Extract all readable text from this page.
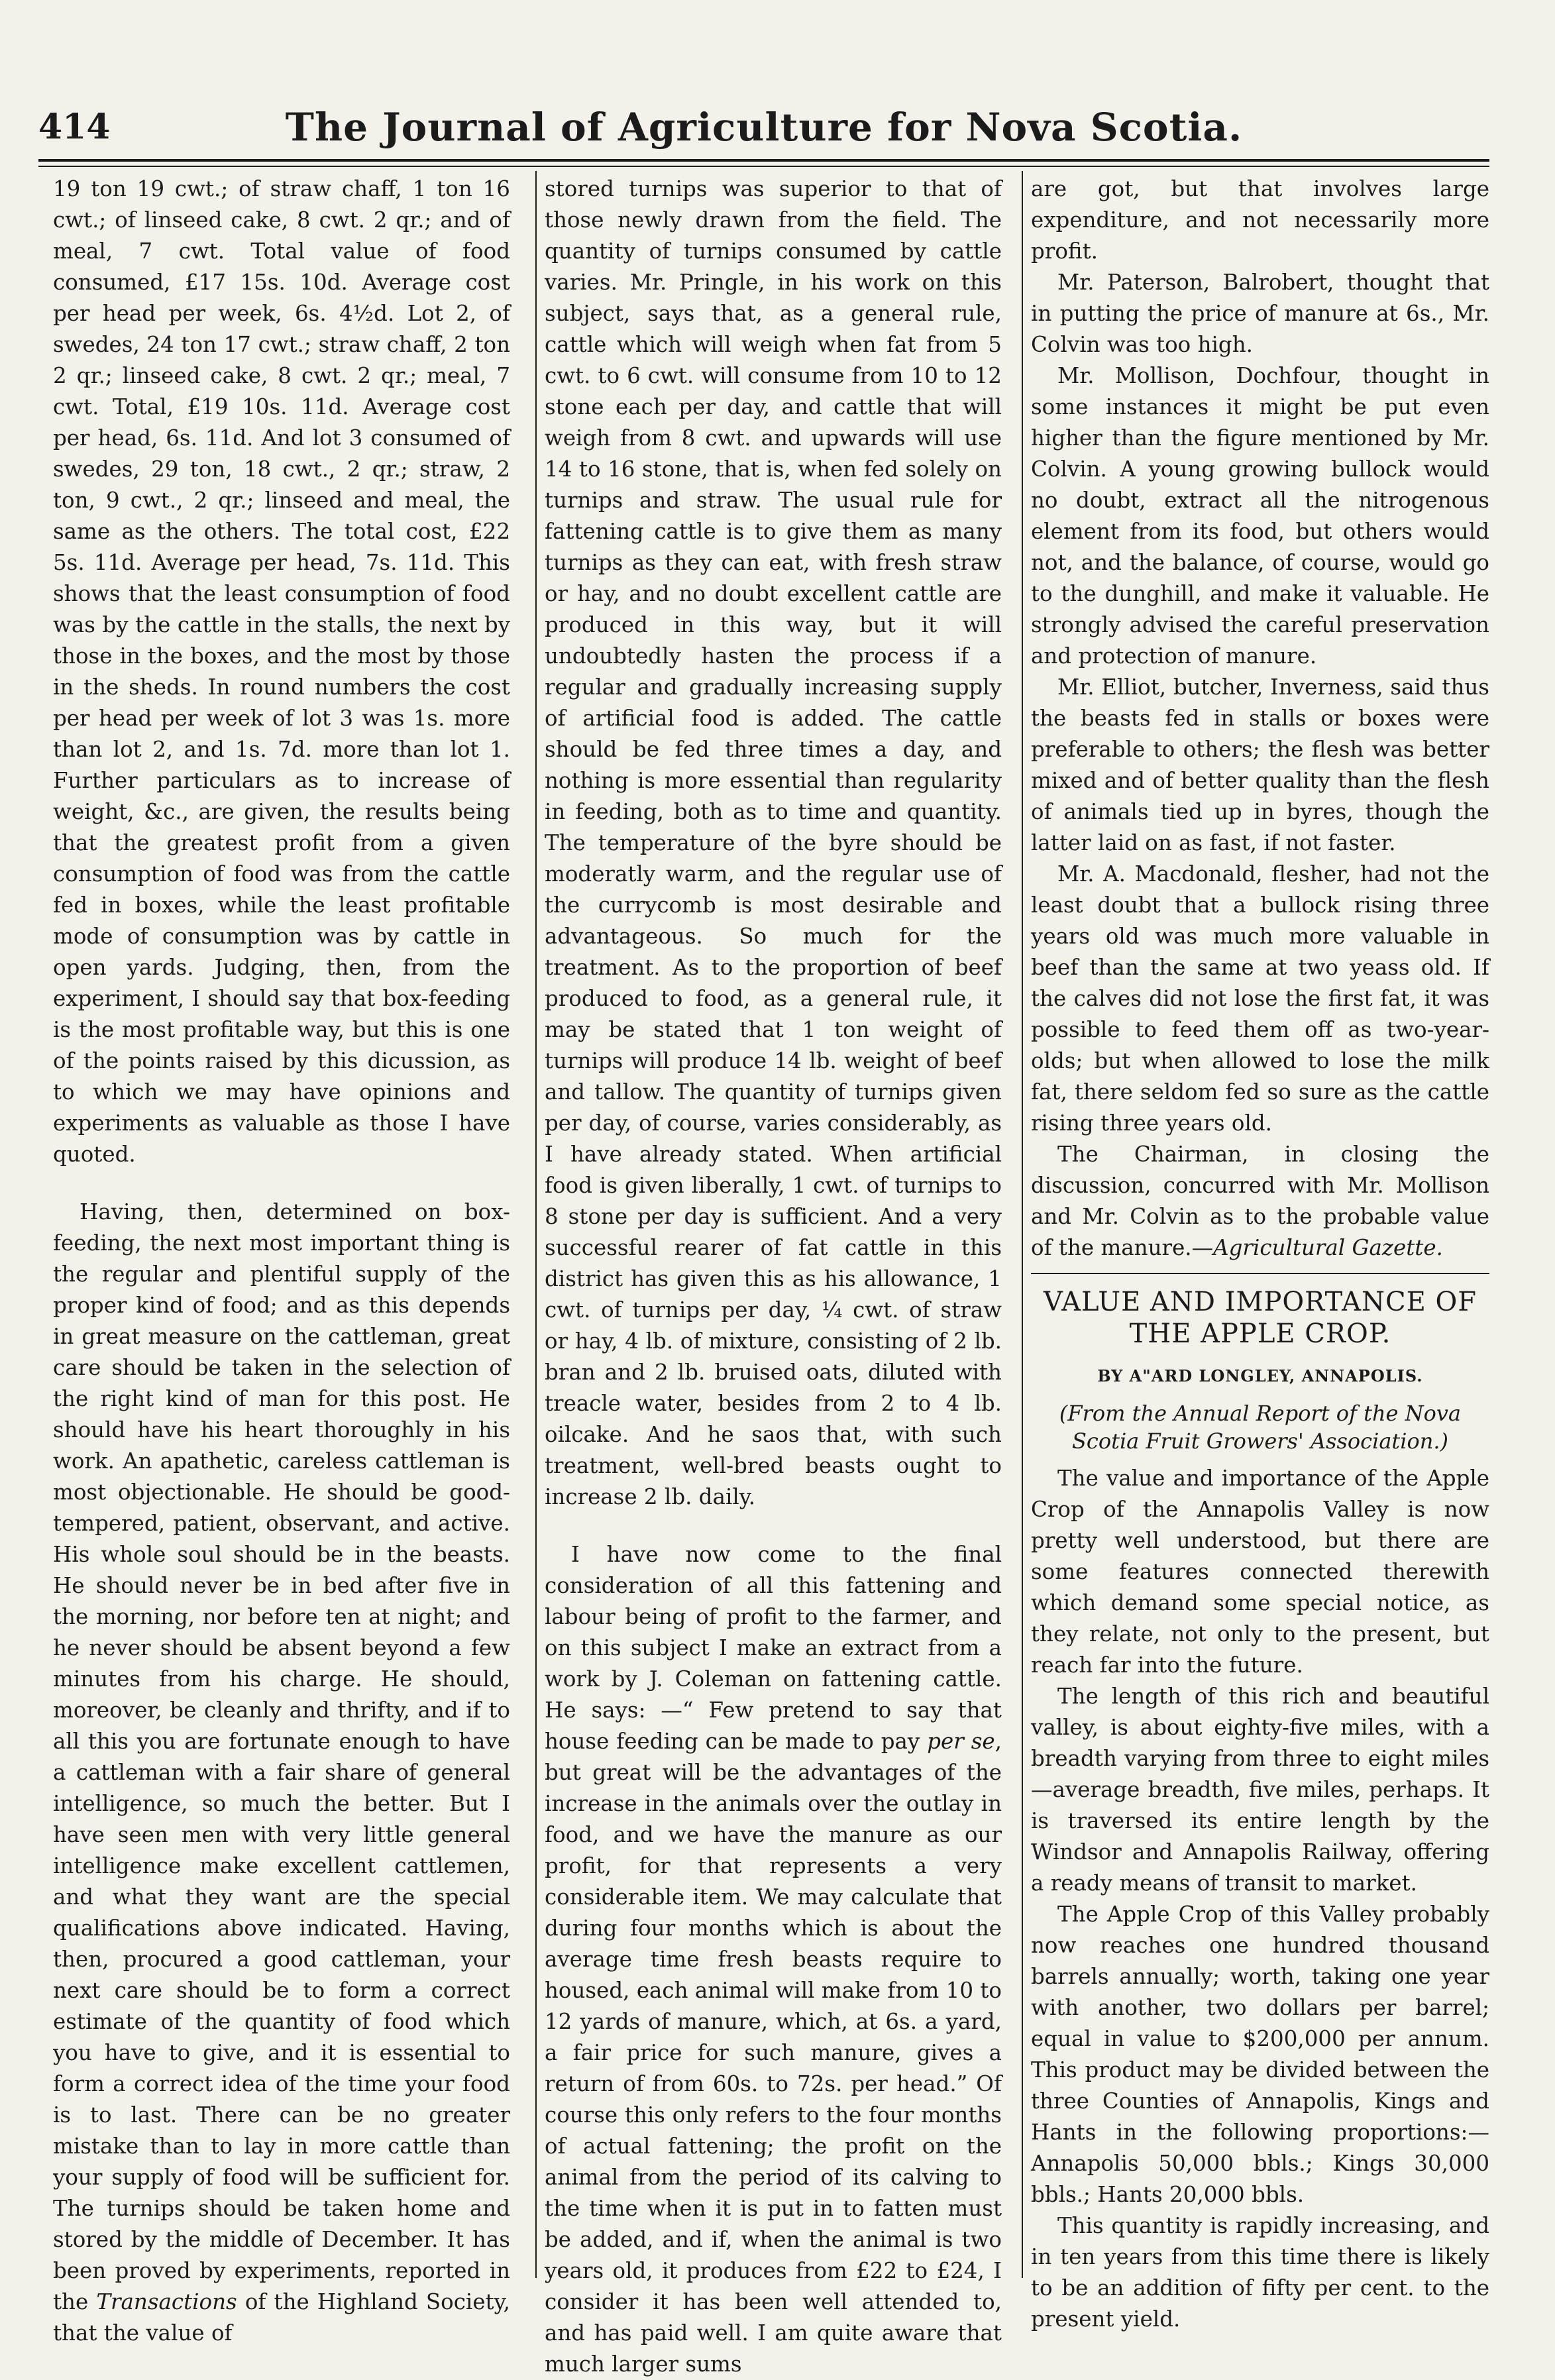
414	The Journal of Agriculture for Nova Scotia.

19 ton 19 cwt.; of straw chaff, 1 ton 16 cwt.; of linseed cake, 8 cwt. 2 qr.; and of meal, 7 cwt. Total value of food consumed, £17 15s. 10d. Average cost per head per week, 6s. 4½d. Lot 2, of swedes, 24 ton 17 cwt.; straw chaff, 2 ton 2 qr.; linseed cake, 8 cwt. 2 qr.; meal, 7 cwt. Total, £19 10s. 11d. Average cost per head, 6s. 11d. And lot 3 consumed of swedes, 29 ton, 18 cwt., 2 qr.; straw, 2 ton, 9 cwt., 2 qr.; linseed and meal, the same as the others. The total cost, £22 5s. 11d. Average per head, 7s. 11d. This shows that the least consumption of food was by the cattle in the stalls, the next by those in the boxes, and the most by those in the sheds. In round numbers the cost per head per week of lot 3 was 1s. more than lot 2, and 1s. 7d. more than lot 1. Further particulars as to increase of weight, &c., are given, the results being that the greatest profit from a given consumption of food was from the cattle fed in boxes, while the least profitable mode of consumption was by cattle in open yards. Judging, then, from the experiment, I should say that box-feeding is the most profitable way, but this is one of the points raised by this dicussion, as to which we may have opinions and experiments as valuable as those I have quoted.

Having, then, determined on box-feeding, the next most important thing is the regular and plentiful supply of the proper kind of food; and as this depends in great measure on the cattleman, great care should be taken in the selection of the right kind of man for this post. He should have his heart thoroughly in his work. An apathetic, careless cattleman is most objectionable. He should be good-tempered, patient, observant, and active. His whole soul should be in the beasts. He should never be in bed after five in the morning, nor before ten at night; and he never should be absent beyond a few minutes from his charge. He should, moreover, be cleanly and thrifty, and if to all this you are fortunate enough to have a cattleman with a fair share of general intelligence, so much the better. But I have seen men with very little general intelligence make excellent cattlemen, and what they want are the special qualifications above indicated. Having, then, procured a good cattleman, your next care should be to form a correct estimate of the quantity of food which you have to give, and it is essential to form a correct idea of the time your food is to last. There can be no greater mistake than to lay in more cattle than your supply of food will be sufficient for. The turnips should be taken home and stored by the middle of December. It has been proved by experiments, reported in the Transactions of the Highland Society, that the value of

stored turnips was superior to that of those newly drawn from the field. The quantity of turnips consumed by cattle varies. Mr. Pringle, in his work on this subject, says that, as a general rule, cattle which will weigh when fat from 5 cwt. to 6 cwt. will consume from 10 to 12 stone each per day, and cattle that will weigh from 8 cwt. and upwards will use 14 to 16 stone, that is, when fed solely on turnips and straw. The usual rule for fattening cattle is to give them as many turnips as they can eat, with fresh straw or hay, and no doubt excellent cattle are produced in this way, but it will undoubtedly hasten the process if a regular and gradually increasing supply of artificial food is added. The cattle should be fed three times a day, and nothing is more essential than regularity in feeding, both as to time and quantity. The temperature of the byre should be moderatly warm, and the regular use of the currycomb is most desirable and advantageous. So much for the treatment. As to the proportion of beef produced to food, as a general rule, it may be stated that 1 ton weight of turnips will produce 14 lb. weight of beef and tallow. The quantity of turnips given per day, of course, varies considerably, as I have already stated. When artificial food is given liberally, 1 cwt. of turnips to 8 stone per day is sufficient. And a very successful rearer of fat cattle in this district has given this as his allowance, 1 cwt. of turnips per day, ¼ cwt. of straw or hay, 4 lb. of mixture, consisting of 2 lb. bran and 2 lb. bruised oats, diluted with treacle water, besides from 2 to 4 lb. oilcake. And he saos that, with such treatment, well-bred beasts ought to increase 2 lb. daily.

I have now come to the final consideration of all this fattening and labour being of profit to the farmer, and on this subject I make an extract from a work by J. Coleman on fattening cattle. He says: —“ Few pretend to say that house feeding can be made to pay per se, but great will be the advantages of the increase in the animals over the outlay in food, and we have the manure as our profit, for that represents a very considerable item. We may calculate that during four months which is about the average time fresh beasts require to housed, each animal will make from 10 to 12 yards of manure, which, at 6s. a yard, a fair price for such manure, gives a return of from 60s. to 72s. per head.” Of course this only refers to the four months of actual fattening; the profit on the animal from the period of its calving to the time when it is put in to fatten must be added, and if, when the animal is two years old, it produces from £22 to £24, I consider it has been well attended to, and has paid well. I am quite aware that much larger sums

are got, but that involves large expenditure, and not necessarily more profit.

Mr. Paterson, Balrobert, thought that in putting the price of manure at 6s., Mr. Colvin was too high.

Mr. Mollison, Dochfour, thought in some instances it might be put even higher than the figure mentioned by Mr. Colvin. A young growing bullock would no doubt, extract all the nitrogenous element from its food, but others would not, and the balance, of course, would go to the dunghill, and make it valuable. He strongly advised the careful preservation and protection of manure.

Mr. Elliot, butcher, Inverness, said thus the beasts fed in stalls or boxes were preferable to others; the flesh was better mixed and of better quality than the flesh of animals tied up in byres, though the latter laid on as fast, if not faster.

Mr. A. Macdonald, flesher, had not the least doubt that a bullock rising three years old was much more valuable in beef than the same at two yeass old. If the calves did not lose the first fat, it was possible to feed them off as two-year-olds; but when allowed to lose the milk fat, there seldom fed so sure as the cattle rising three years old.

The Chairman, in closing the discussion, concurred with Mr. Mollison and Mr. Colvin as to the probable value of the manure.—Agricultural Gazette.

VALUE AND IMPORTANCE OF THE APPLE CROP.
BY A"ARD LONGLEY, ANNAPOLIS.
(From the Annual Report of the Nova Scotia Fruit Growers' Association.)

The value and importance of the Apple Crop of the Annapolis Valley is now pretty well understood, but there are some features connected therewith which demand some special notice, as they relate, not only to the present, but reach far into the future.

The length of this rich and beautiful valley, is about eighty-five miles, with a breadth varying from three to eight miles —average breadth, five miles, perhaps. It is traversed its entire length by the Windsor and Annapolis Railway, offering a ready means of transit to market.

The Apple Crop of this Valley probably now reaches one hundred thousand barrels annually; worth, taking one year with another, two dollars per barrel; equal in value to $200,000 per annum. This product may be divided between the three Counties of Annapolis, Kings and Hants in the following proportions:— Annapolis 50,000 bbls.; Kings 30,000 bbls.; Hants 20,000 bbls.

This quantity is rapidly increasing, and in ten years from this time there is likely to be an addition of fifty per cent. to the present yield.
